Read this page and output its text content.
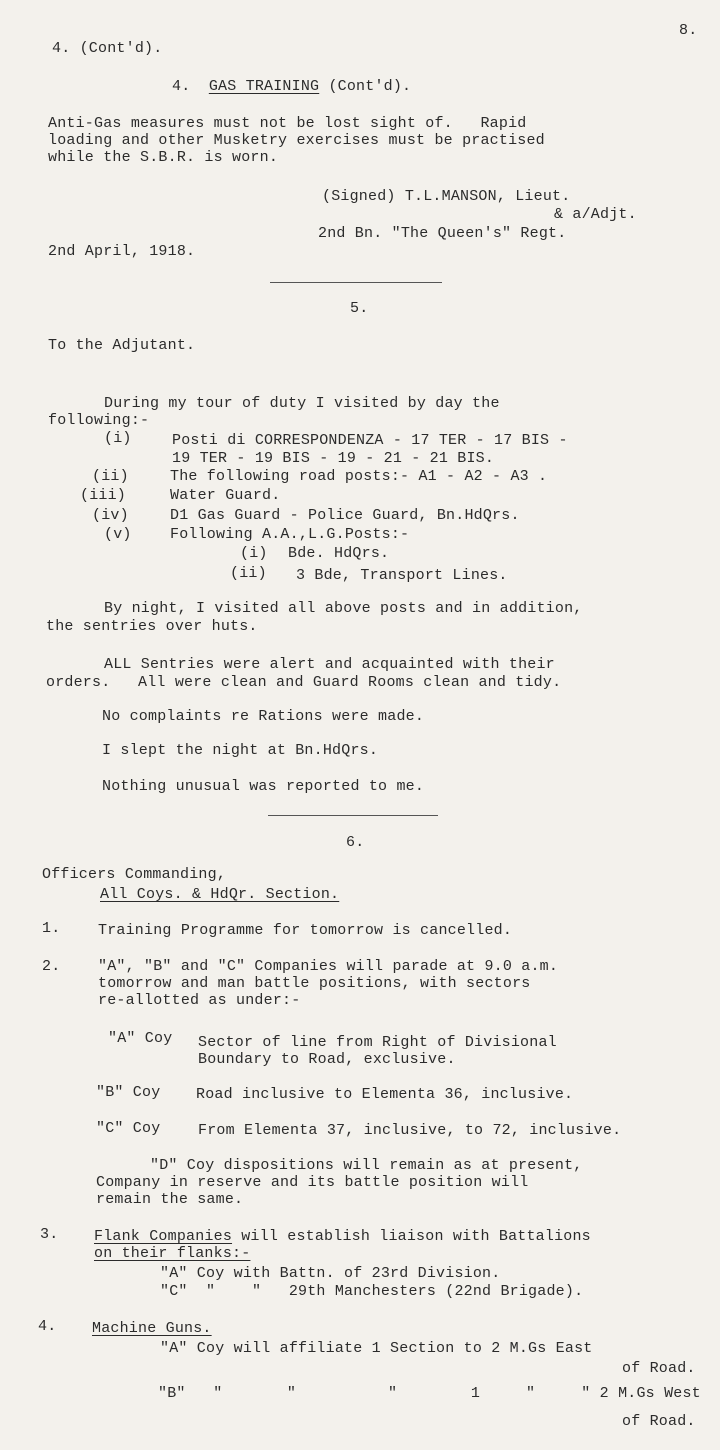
8.
4. (Cont'd).
4. GAS TRAINING (Cont'd).
Anti-Gas measures must not be lost sight of.   Rapid
loading and other Musketry exercises must be practised
while the S.B.R. is worn.
(Signed) T.L.MANSON, Lieut.
& a/Adjt.
2nd Bn. "The Queen's" Regt.
2nd April, 1918.
5.
To the Adjutant.
During my tour of duty I visited by day the
following:-
(i)	Posti di CORRESPONDENZA - 17 TER - 17 BIS -
19 TER - 19 BIS - 19 - 21 - 21 BIS.
(ii)	The following road posts:- A1 - A2 - A3 .
(iii)	Water Guard.
(iv)	D1 Gas Guard - Police Guard, Bn.HdQrs.
(v)	Following A.A.,L.G.Posts:-
(i) Bde. HdQrs.
(ii) 3 Bde, Transport Lines.
By night, I visited all above posts and in addition,
the sentries over huts.
ALL Sentries were alert and acquainted with their
orders.   All were clean and Guard Rooms clean and tidy.
No complaints re Rations were made.
I slept the night at Bn.HdQrs.
Nothing unusual was reported to me.
6.
Officers Commanding,
All Coys. & HdQr. Section.
1.	Training Programme for tomorrow is cancelled.
2.	"A", "B" and "C" Companies will parade at 9.0 a.m.
tomorrow and man battle positions, with sectors
re-allotted as under:-
"A" Coy Sector of line from Right of Divisional
Boundary to Road, exclusive.
"B" Coy Road inclusive to Elementa 36, inclusive.
"C" Coy	From Elementa 37, inclusive, to 72, inclusive.
"D" Coy dispositions will remain as at present,
Company in reserve and its battle position will
remain the same.
3. Flank Companies will establish liaison with Battalions
on their flanks:-
"A" Coy with Battn. of 23rd Division.
"C"  "    "   29th Manchesters (22nd Brigade).
4. Machine Guns.
"A" Coy will affiliate 1 Section to 2 M.Gs East
of Road.
"B"   "       "          "        1     "     " 2 M.Gs West
of Road.
